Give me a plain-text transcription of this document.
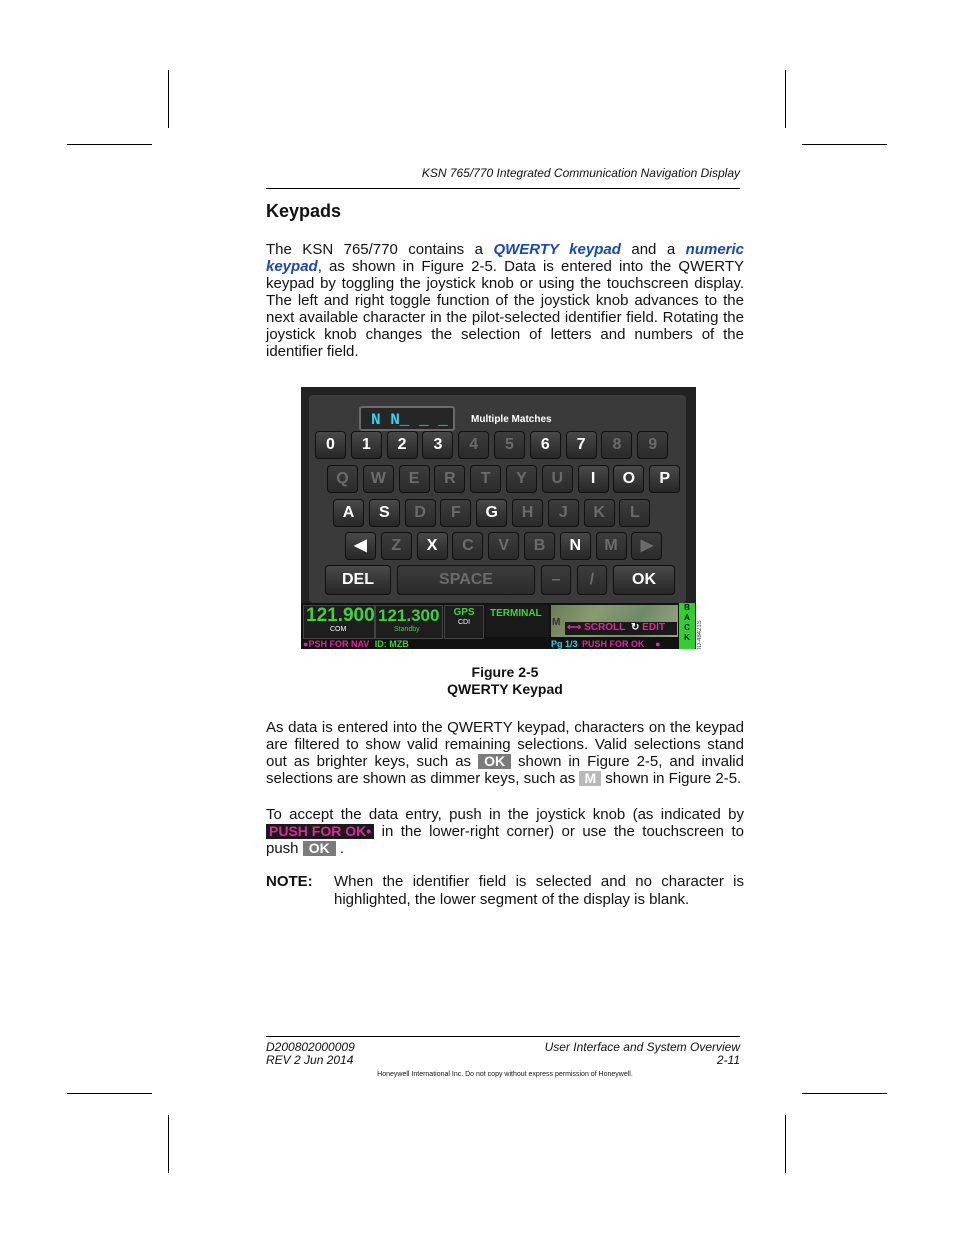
KSN 765/770 Integrated Communication Navigation Display
Keypads
The KSN 765/770 contains a QWERTY keypad and a numeric keypad, as shown in Figure 2-5. Data is entered into the QWERTY keypad by toggling the joystick knob or using the touchscreen display. The left and right toggle function of the joystick knob advances to the next available character in the pilot-selected identifier field. Rotating the joystick knob changes the selection of letters and numbers of the identifier field.
N N_ _ _	Multiple Matches
0	1	2	3	4	5	6	7	8	9
Q	W	E	R	T	Y	U	I	O	P
A	S	D	F	G	H	J	K	L
◀	Z	X	C	V	B	N	M	▶
DEL	SPACE	–	/	OK
121.900
COM
121.300
Standby
GPS
CDI
TERMINAL
M ⟷ SCROLL ↻ EDIT
B
A
C
K
●PSH FOR NAV ID: MZB	Pg 1/3 PUSH FOR OK ●	ID-48421S
Figure 2-5
QWERTY Keypad
As data is entered into the QWERTY keypad, characters on the keypad are filtered to show valid remaining selections. Valid selections stand out as brighter keys, such as OK shown in Figure 2-5, and invalid selections are shown as dimmer keys, such as M shown in Figure 2-5.
To accept the data entry, push in the joystick knob (as indicated by PUSH FOR OK• in the lower-right corner) or use the touchscreen to push OK .
NOTE: When the identifier field is selected and no character is highlighted, the lower segment of the display is blank.
D200802000009
REV 2 Jun 2014
User Interface and System Overview
2-11
Honeywell International Inc. Do not copy without express permission of Honeywell.
